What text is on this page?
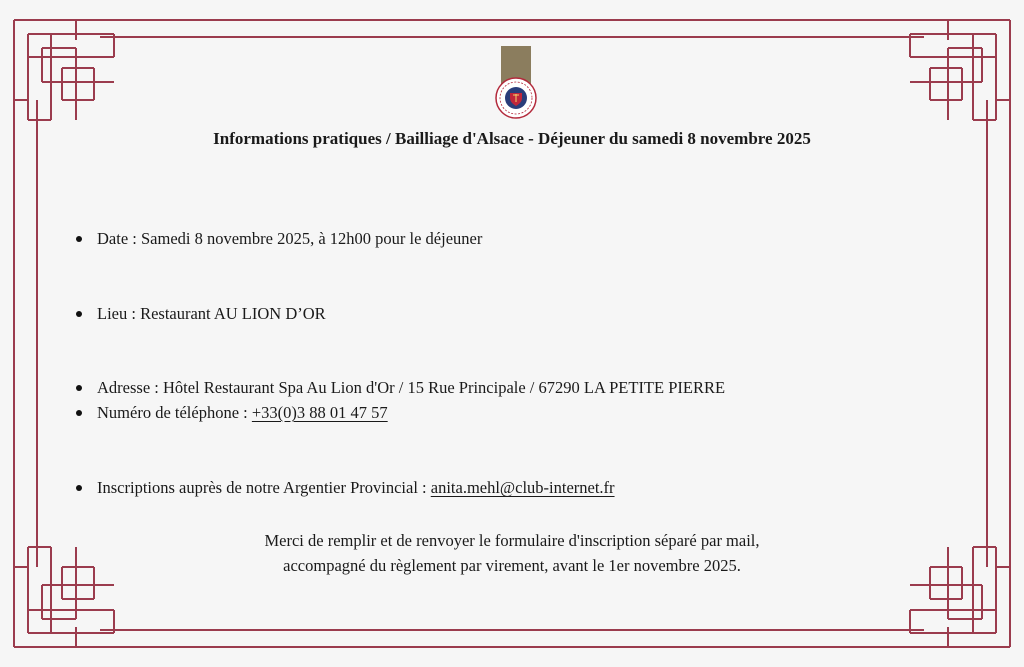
Informations pratiques / Bailliage d'Alsace - Déjeuner du samedi 8 novembre 2025
Date : Samedi 8 novembre 2025, à 12h00 pour le déjeuner
Lieu : Restaurant AU LION D’OR
Adresse : Hôtel Restaurant Spa Au Lion d'Or / 15 Rue Principale / 67290 LA PETITE PIERRE
Numéro de téléphone : +33(0)3 88 01 47 57
Inscriptions auprès de notre Argentier Provincial : anita.mehl@club-internet.fr
Merci de remplir et de renvoyer le formulaire d'inscription séparé par mail,
accompagné du règlement par virement, avant le 1er novembre 2025.
